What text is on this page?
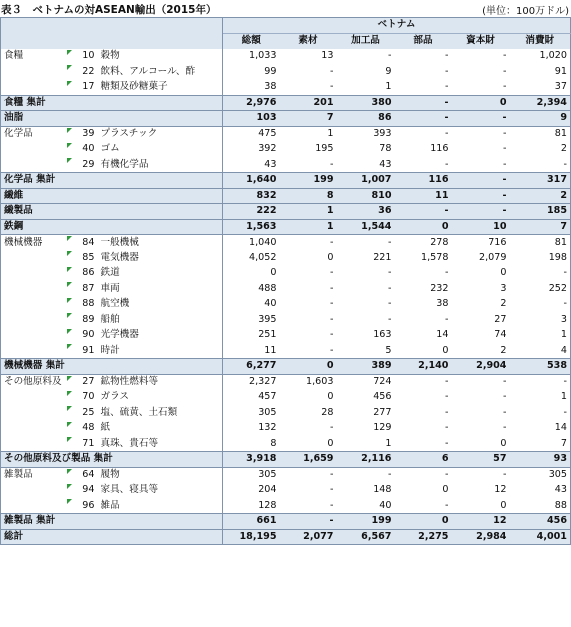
表３　ベトナムの対ASEAN輸出（2015年）	(単位：100万ドル)
			ベトナム					
			総額	素材	加工品	部品	資本財	消費財
食糧	10	穀物	1,033	13	-	-	-	1,020
	22	飲料、アルコール、酢	99	-	9	-	-	91
	17	糖類及砂糖菓子	38	-	1	-	-	37
食糧 集計			2,976	201	380	-	0	2,394
油脂			103	7	86	-	-	9
化学品	39	プラスチック	475	1	393	-	-	81
	40	ゴム	392	195	78	116	-	2
	29	有機化学品	43	-	43	-	-	-
化学品 集計			1,640	199	1,007	116	-	317
繊維			832	8	810	11	-	2
繊製品			222	1	36	-	-	185
鉄鋼			1,563	1	1,544	0	10	7
機械機器	84	一般機械	1,040	-	-	278	716	81
	85	電気機器	4,052	0	221	1,578	2,079	198
	86	鉄道	0	-	-	-	0	-
	87	車両	488	-	-	232	3	252
	88	航空機	40	-	-	38	2	-
	89	船舶	395	-	-	-	27	3
	90	光学機器	251	-	163	14	74	1
	91	時計	11	-	5	0	2	4
機械機器 集計			6,277	0	389	2,140	2,904	538
その他原料及	27	鉱物性燃料等	2,327	1,603	724	-	-	-
	70	ガラス	457	0	456	-	-	1
	25	塩、硫黄、土石類	305	28	277	-	-	-
	48	紙	132	-	129	-	-	14
	71	真珠、貴石等	8	0	1	-	0	7
その他原料及び製品 集計			3,918	1,659	2,116	6	57	93
雑製品	64	履物	305	-	-	-	-	305
	94	家具、寝具等	204	-	148	0	12	43
	96	雑品	128	-	40	-	0	88
雑製品 集計			661	-	199	0	12	456
総計			18,195	2,077	6,567	2,275	2,984	4,001
